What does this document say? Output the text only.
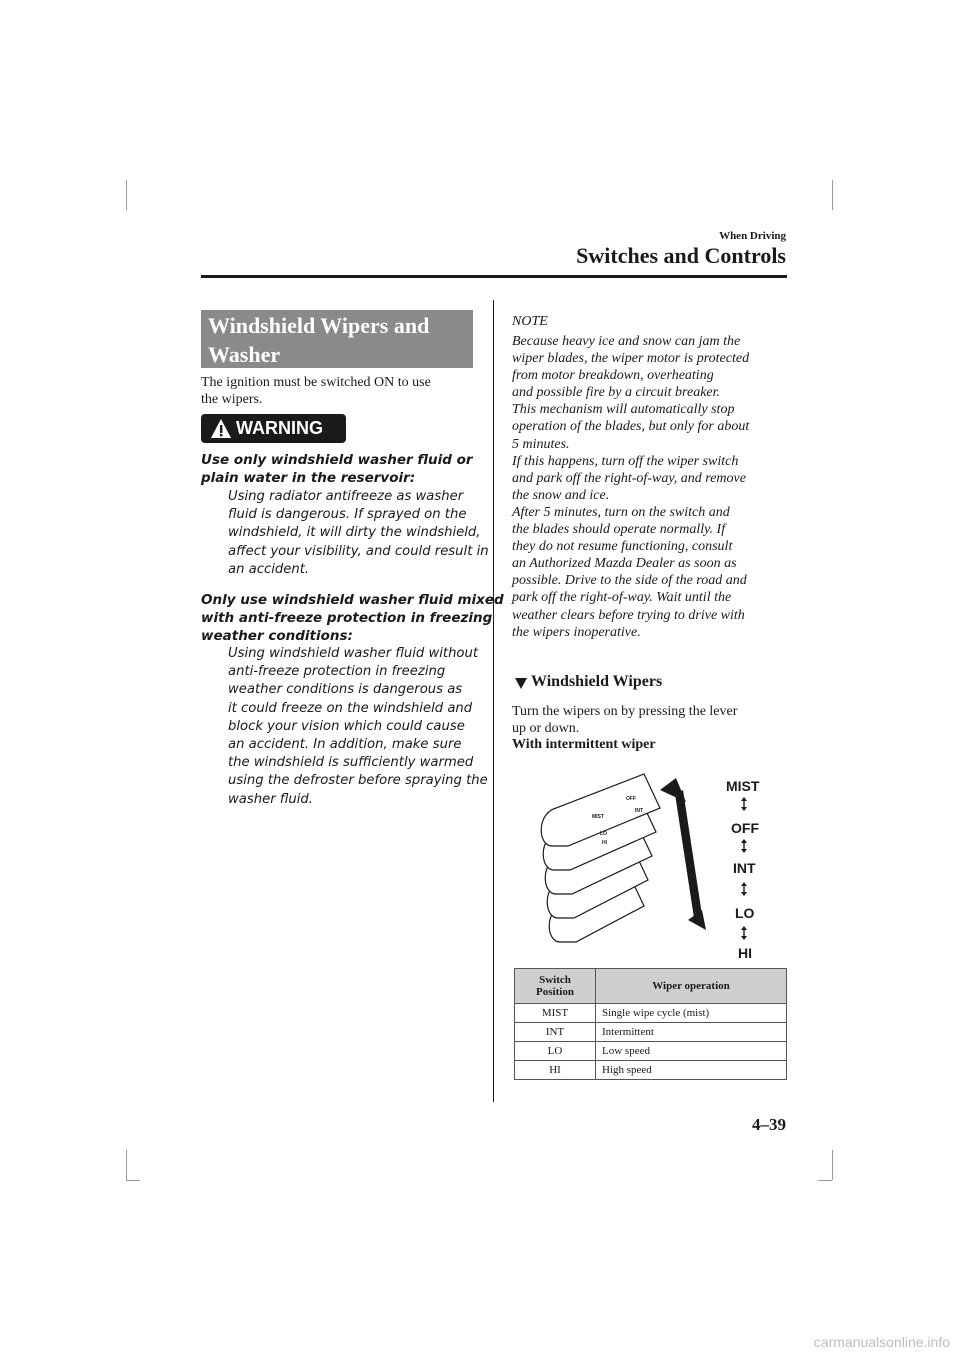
When Driving
Switches and Controls
Windshield Wipers and
Washer
The ignition must be switched ON to use
the wipers.
WARNING
Use only windshield washer fluid or
plain water in the reservoir:
Using radiator antifreeze as washer
fluid is dangerous. If sprayed on the
windshield, it will dirty the windshield,
affect your visibility, and could result in
an accident.
Only use windshield washer fluid mixed
with anti-freeze protection in freezing
weather conditions:
Using windshield washer fluid without
anti-freeze protection in freezing
weather conditions is dangerous as
it could freeze on the windshield and
block your vision which could cause
an accident. In addition, make sure
the windshield is sufficiently warmed
using the defroster before spraying the
washer fluid.
NOTE
Because heavy ice and snow can jam the
wiper blades, the wiper motor is protected
from motor breakdown, overheating
and possible fire by a circuit breaker.
This mechanism will automatically stop
operation of the blades, but only for about
5 minutes.
If this happens, turn off the wiper switch
and park off the right-of-way, and remove
the snow and ice.
After 5 minutes, turn on the switch and
the blades should operate normally. If
they do not resume functioning, consult
an Authorized Mazda Dealer as soon as
possible. Drive to the side of the road and
park off the right-of-way. Wait until the
weather clears before trying to drive with
the wipers inoperative.
Windshield Wipers
Turn the wipers on by pressing the lever
up or down.
With intermittent wiper
MIST
OFF
INT
LO
HI
MIST
OFF
INT
LO
HI
Switch
Position	Wiper operation
MIST	Single wipe cycle (mist)
INT	Intermittent
LO	Low speed
HI	High speed
4–39
carmanualsonline.info
